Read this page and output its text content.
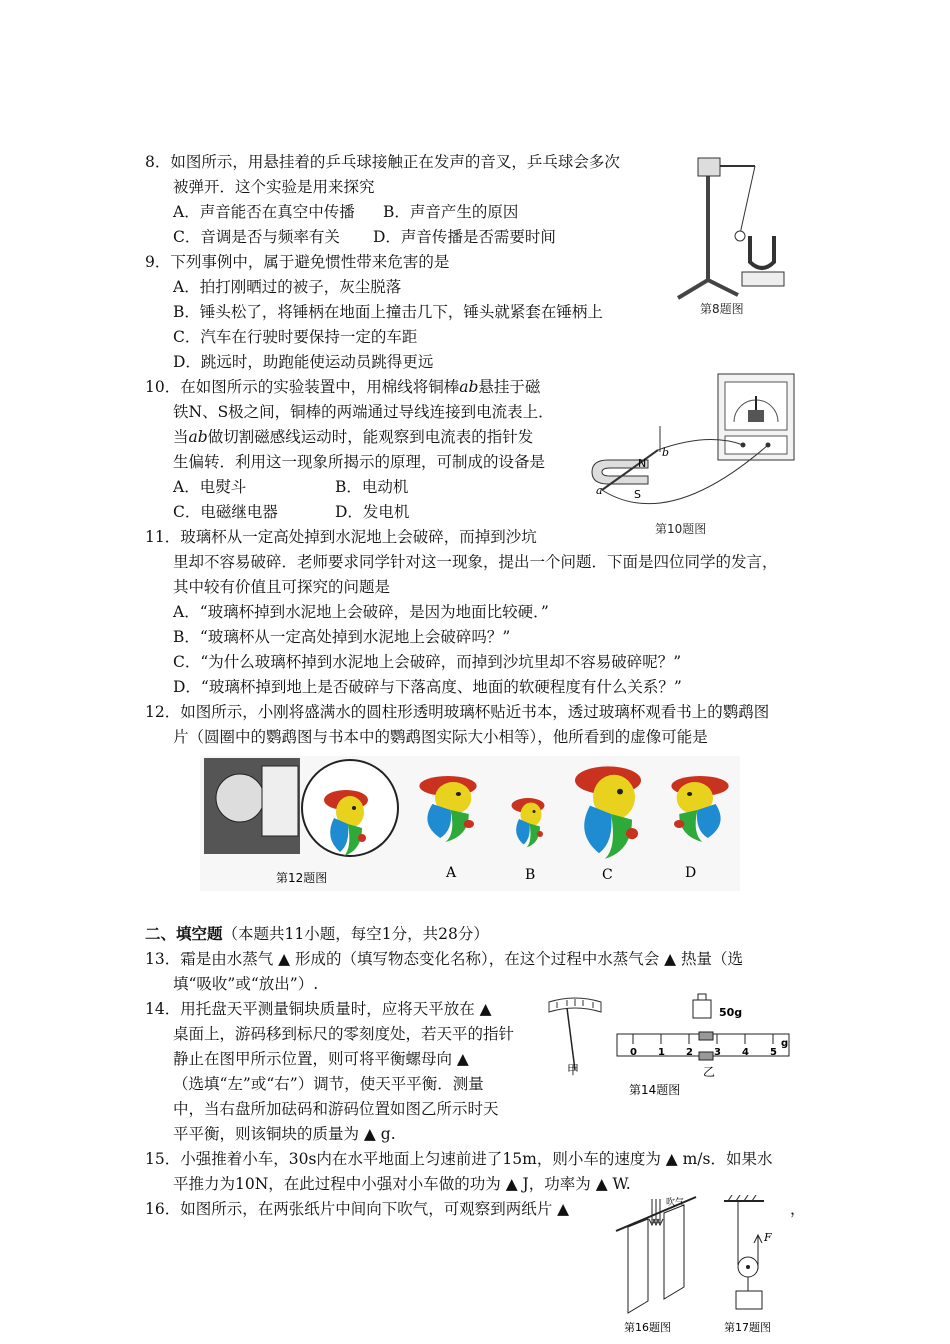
8．如图所示，用悬挂着的乒乓球接触正在发声的音叉，乒乓球会多次
被弹开．这个实验是用来探究
A．声音能否在真空中传播 B．声音产生的原因
C．音调是否与频率有关 D．声音传播是否需要时间
第8题图
9．下列事例中，属于避免惯性带来危害的是
A．拍打刚晒过的被子，灰尘脱落
B．锤头松了，将锤柄在地面上撞击几下，锤头就紧套在锤柄上
C．汽车在行驶时要保持一定的车距
D．跳远时，助跑能使运动员跳得更远
10．在如图所示的实验装置中，用棉线将铜棒ab悬挂于磁
铁N、S极之间，铜棒的两端通过导线连接到电流表上．
当ab做切割磁感线运动时，能观察到电流表的指针发
生偏转．利用这一现象所揭示的原理，可制成的设备是
A．电熨斗	B．电动机
C．电磁继电器	D．发电机
N
S
a
b
第10题图
11．玻璃杯从一定高处掉到水泥地上会破碎，而掉到沙坑
里却不容易破碎．老师要求同学针对这一现象，提出一个问题．下面是四位同学的发言，
其中较有价值且可探究的问题是
A．“玻璃杯掉到水泥地上会破碎，是因为地面比较硬．”
B．“玻璃杯从一定高处掉到水泥地上会破碎吗？”
C．“为什么玻璃杯掉到水泥地上会破碎，而掉到沙坑里却不容易破碎呢？”
D．“玻璃杯掉到地上是否破碎与下落高度、地面的软硬程度有什么关系？”
12．如图所示，小刚将盛满水的圆柱形透明玻璃杯贴近书本，透过玻璃杯观看书上的鹦鹉图
片（圆圈中的鹦鹉图与书本中的鹦鹉图实际大小相等），他所看到的虚像可能是
第12题图	A	B	C	D
二、填空题（本题共11小题，每空1分，共28分）
13．霜是由水蒸气 ▲ 形成的（填写物态变化名称），在这个过程中水蒸气会 ▲ 热量（选
填“吸收”或“放出”）.
14．用托盘天平测量铜块质量时，应将天平放在 ▲
桌面上，游码移到标尺的零刻度处，若天平的指针
静止在图甲所示位置，则可将平衡螺母向 ▲
（选填“左”或“右”）调节，使天平平衡．测量
中，当右盘所加砝码和游码位置如图乙所示时天
平平衡，则该铜块的质量为 ▲ g.
甲
50g
0 1 2 3 4 5
g
乙
第14题图
15．小强推着小车，30s内在水平地面上匀速前进了15m，则小车的速度为 ▲ m/s．如果水
平推力为10N，在此过程中小强对小车做的功为 ▲ J，功率为 ▲ W.
16．如图所示，在两张纸片中间向下吹气，可观察到两纸片 ▲	，
吹气
第16题图
F
第17题图
